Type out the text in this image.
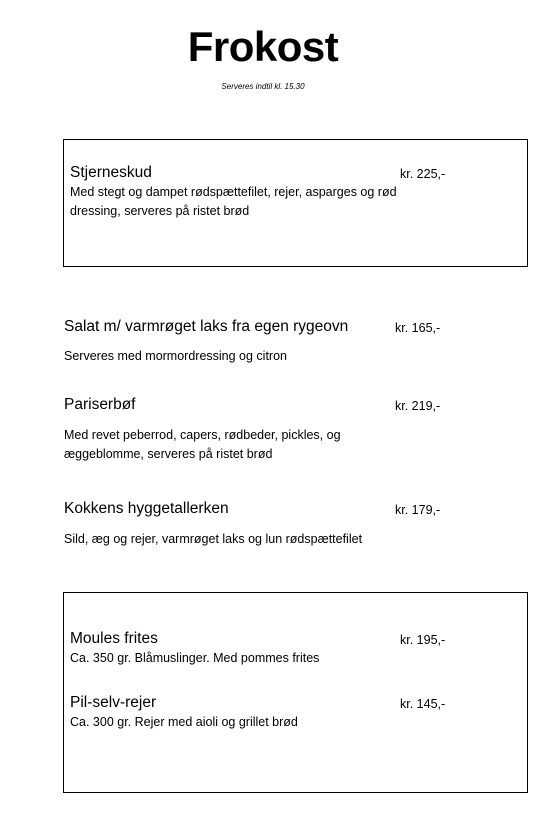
Frokost
Serveres indtil kl. 15.30
Stjerneskud	kr. 225,-
Med stegt og dampet rødspættefilet, rejer, asparges og rød dressing, serveres på ristet brød
Salat m/ varmrøget laks fra egen rygeovn	kr. 165,-
Serveres med mormordressing og citron
Pariserbøf	kr. 219,-
Med revet peberrod, capers, rødbeder, pickles, og æggeblomme, serveres på ristet brød
Kokkens hyggetallerken	kr. 179,-
Sild, æg og rejer, varmrøget laks og lun rødspættefilet
Moules frites	kr. 195,-
Ca. 350 gr. Blåmuslinger. Med pommes frites
Pil-selv-rejer	kr. 145,-
Ca. 300 gr. Rejer med aioli og grillet brød
